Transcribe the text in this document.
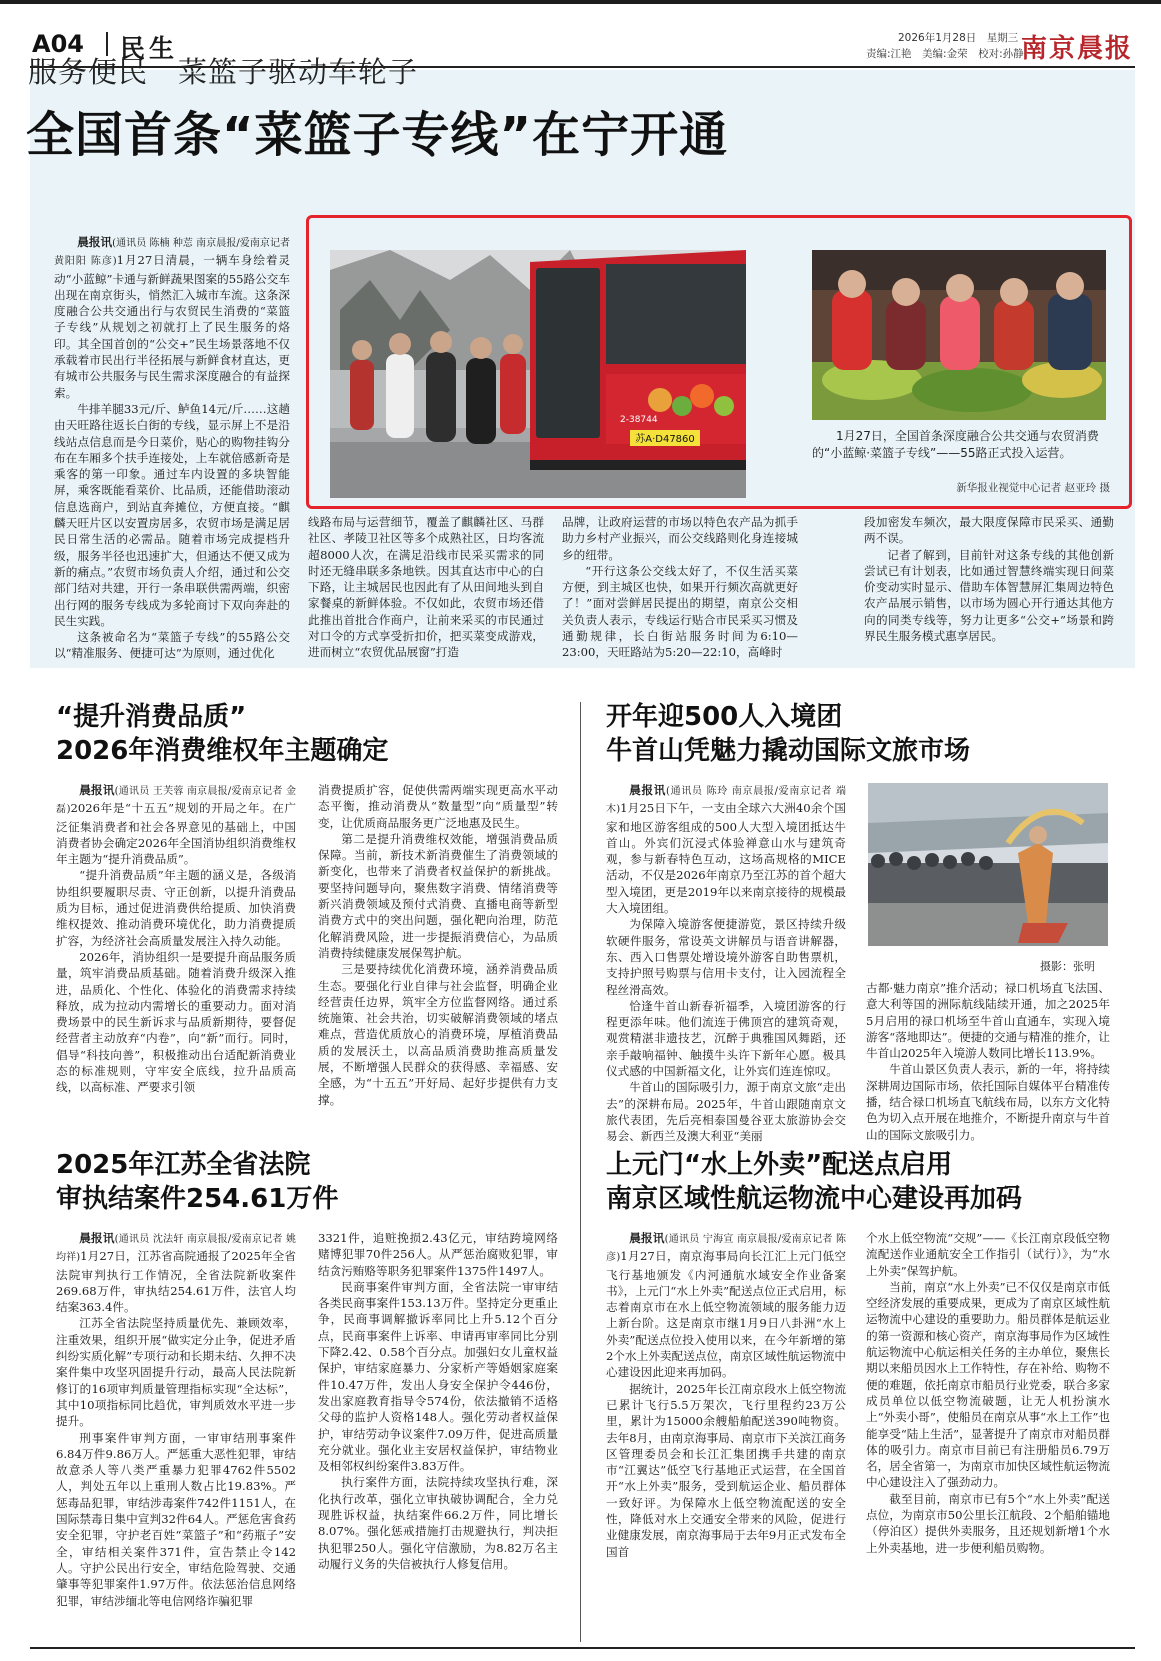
A04 民生	2026年1月28日　星期三
责编:江艳　美编:金荣　校对:孙静
南京晨报
服务便民　菜篮子驱动车轮子
全国首条“菜篮子专线”在宁开通

晨报讯(通讯员 陈楠 种莣 南京晨报/爱南京记者 黄阳阳 陈彦)1月27日清晨，一辆车身绘着灵动“小蓝鲸”卡通与新鲜蔬果图案的55路公交车出现在南京街头，悄然汇入城市车流。这条深度融合公共交通出行与农贸民生消费的“菜篮子专线”从规划之初就打上了民生服务的烙印。其全国首创的“公交+”民生场景落地不仅承载着市民出行半径拓展与新鲜食材直达，更有城市公共服务与民生需求深度融合的有益探索。

牛排羊腿33元/斤、鲈鱼14元/斤……这趟由天旺路往返长白街的专线，显示屏上不是沿线站点信息而是今日菜价，贴心的购物挂钩分布在车厢多个扶手连接处，上车就倍感新奇是乘客的第一印象。通过车内设置的多块智能屏，乘客既能看菜价、比品质，还能借助滚动信息选商户，到站直奔摊位，方便直接。“麒麟天旺片区以安置房居多，农贸市场是满足居民日常生活的必需品。随着市场完成提档升级，服务半径也迅速扩大，但通达不便又成为新的痛点。”农贸市场负责人介绍，通过和公交部门结对共建，开行一条串联供需两端，织密出行网的服务专线成为多轮商讨下双向奔赴的民生实践。

这条被命名为“菜篮子专线”的55路公交以“精准服务、便捷可达”为原则，通过优化

线路布局与运营细节，覆盖了麒麟社区、马群社区、孝陵卫社区等多个成熟社区，日均客流超8000人次，在满足沿线市民采买需求的同时还无缝串联多条地铁。因其直达市中心的白下路，让主城居民也因此有了从田间地头到自家餐桌的新鲜体验。不仅如此，农贸市场还借此推出首批合作商户，让前来采买的市民通过对口令的方式享受折扣价，把买菜变成游戏，进而树立“农贸优品展窗”打造

品牌，让政府运营的市场以特色农产品为抓手助力乡村产业振兴，而公交线路则化身连接城乡的纽带。

“开行这条公交线太好了，不仅生活买菜方便，到主城区也快，如果开行频次高就更好了！”面对尝鲜居民提出的期望，南京公交相关负责人表示，专线运行贴合市民采买习惯及通勤规律，长白街站服务时间为6:10—23:00，天旺路站为5:20—22:10，高峰时

段加密发车频次，最大限度保障市民采买、通勤两不误。

记者了解到，目前针对这条专线的其他创新尝试已有计划表，比如通过智慧终端实现日间菜价变动实时显示、借助车体智慧屏汇集周边特色农产品展示销售，以市场为圆心开行通达其他方向的同类专线等，努力让更多“公交+”场景和跨界民生服务模式惠享居民。

苏A·D47860
2-38744
1月27日，全国首条深度融合公共交通与农贸消费的“小蓝鲸·菜篮子专线”——55路正式投入运营。
新华报业视觉中心记者 赵亚玲 摄
“提升消费品质”
2026年消费维权年主题确定

晨报讯(通讯员 王芙蓉 南京晨报/爱南京记者 金磊)2026年是“十五五”规划的开局之年。在广泛征集消费者和社会各界意见的基础上，中国消费者协会确定2026年全国消协组织消费维权年主题为“提升消费品质”。

“提升消费品质”年主题的涵义是，各级消协组织要履职尽责、守正创新，以提升消费品质为目标，通过促进消费供给提质、加快消费维权提效、推动消费环境优化，助力消费提质扩容，为经济社会高质量发展注入持久动能。

2026年，消协组织一是要提升商品服务质量，筑牢消费品质基础。随着消费升级深入推进，品质化、个性化、体验化的消费需求持续释放，成为拉动内需增长的重要动力。面对消费场景中的民生新诉求与品质新期待，要督促经营者主动放弃“内卷”，向“新”而行。同时，倡导“科技向善”，积极推动出台适配新消费业态的标准规则，守牢安全底线，拉升品质高线，以高标准、严要求引领

消费提质扩容，促使供需两端实现更高水平动态平衡，推动消费从“数量型”向“质量型”转变，让优质商品服务更广泛地惠及民生。

第二是提升消费维权效能，增强消费品质保障。当前，新技术新消费催生了消费领域的新变化，也带来了消费者权益保护的新挑战。要坚持问题导向，聚焦数字消费、情绪消费等新兴消费领域及预付式消费、直播电商等新型消费方式中的突出问题，强化靶向治理，防范化解消费风险，进一步提振消费信心，为品质消费持续健康发展保驾护航。

三是要持续优化消费环境，涵养消费品质生态。要强化行业自律与社会监督，明确企业经营责任边界，筑牢全方位监督网络。通过系统施策、社会共治，切实破解消费领域的堵点难点，营造优质放心的消费环境，厚植消费品质的发展沃土，以高品质消费助推高质量发展，不断增强人民群众的获得感、幸福感、安全感，为“十五五”开好局、起好步提供有力支撑。

2025年江苏全省法院
审执结案件254.61万件

晨报讯(通讯员 沈法轩 南京晨报/爱南京记者 姚均祥)1月27日，江苏省高院通报了2025年全省法院审判执行工作情况，全省法院新收案件269.68万件，审执结254.61万件，法官人均结案363.4件。

江苏全省法院坚持质量优先、兼顾效率，注重效果，组织开展“做实定分止争，促进矛盾纠纷实质化解”专项行动和长期未结、久押不决案件集中攻坚巩固提升行动，最高人民法院新修订的16项审判质量管理指标实现“全达标”，其中10项指标同比趋优，审判质效水平进一步提升。

刑事案件审判方面，一审审结刑事案件6.84万件9.86万人。严惩重大恶性犯罪，审结故意杀人等八类严重暴力犯罪4762件5502人，判处五年以上重刑人数占比19.83%。严惩毒品犯罪，审结涉毒案件742件1151人，在国际禁毒日集中宣判32件64人。严惩危害食药安全犯罪，守护老百姓“菜篮子”和“药瓶子”安全，审结相关案件371件，宣告禁止令142人。守护公民出行安全，审结危险驾驶、交通肇事等犯罪案件1.97万件。依法惩治信息网络犯罪，审结涉缅北等电信网络诈骗犯罪

3321件，追赃挽损2.43亿元，审结跨境网络赌博犯罪70件256人。从严惩治腐败犯罪，审结贪污贿赂等职务犯罪案件1375件1497人。

民商事案件审判方面，全省法院一审审结各类民商事案件153.13万件。坚持定分更重止争，民商事调解撤诉率同比上升5.12个百分点，民商事案件上诉率、申请再审率同比分别下降2.42、0.58个百分点。加强妇女儿童权益保护，审结家庭暴力、分家析产等婚姻家庭案件10.47万件，发出人身安全保护令446份，发出家庭教育指导令574份，依法撤销不适格父母的监护人资格148人。强化劳动者权益保护，审结劳动争议案件7.09万件，促进高质量充分就业。强化业主安居权益保护，审结物业及相邻权纠纷案件3.83万件。

执行案件方面，法院持续攻坚执行难，深化执行改革，强化立审执破协调配合，全力兑现胜诉权益，执结案件66.2万件，同比增长8.07%。强化惩戒措施打击规避执行，判决拒执犯罪250人。强化守信激励，为8.82万名主动履行义务的失信被执行人修复信用。

开年迎500人入境团
牛首山凭魅力撬动国际文旅市场

晨报讯(通讯员 陈玲 南京晨报/爱南京记者 端木)1月25日下午，一支由全球六大洲40余个国家和地区游客组成的500人大型入境团抵达牛首山。外宾们沉浸式体验禅意山水与建筑奇观，参与新春特色互动，这场高规格的MICE活动，不仅是2026年南京乃至江苏的首个超大型入境团，更是2019年以来南京接待的规模最大入境团组。

为保障入境游客便捷游览，景区持续升级软硬件服务，常设英文讲解员与语音讲解器，东、西入口售票处增设境外游客自助售票机，支持护照号购票与信用卡支付，让入园流程全程丝滑高效。

恰逢牛首山新春祈福季，入境团游客的行程更添年味。他们流连于佛顶宫的建筑奇观，观赏精湛非遗技艺，沉醉于典雅国风舞蹈，还亲手敲响福钟、触摸牛头许下新年心愿。极具仪式感的中国新福文化，让外宾们连连惊叹。

牛首山的国际吸引力，源于南京文旅“走出去”的深耕布局。2025年，牛首山跟随南京文旅代表团，先后亮相泰国曼谷亚太旅游协会交易会、新西兰及澳大利亚“美丽

摄影：张明

古都·魅力南京”推介活动；禄口机场直飞法国、意大利等国的洲际航线陆续开通，加之2025年5月启用的禄口机场至牛首山直通车，实现入境游客“落地即达”。便捷的交通与精准的推介，让牛首山2025年入境游人数同比增长113.9%。

牛首山景区负责人表示，新的一年，将持续深耕周边国际市场，依托国际自媒体平台精准传播，结合禄口机场直飞航线布局，以东方文化特色为切入点开展在地推介，不断提升南京与牛首山的国际文旅吸引力。

上元门“水上外卖”配送点启用
南京区域性航运物流中心建设再加码

晨报讯(通讯员 宁海宣 南京晨报/爱南京记者 陈彦)1月27日，南京海事局向长江汇上元门低空飞行基地颁发《内河通航水域安全作业备案书》，上元门“水上外卖”配送点位正式启用，标志着南京市在水上低空物流领域的服务能力迈上新台阶。这是南京市继1月9日八卦洲“水上外卖”配送点位投入使用以来，在今年新增的第2个水上外卖配送点位，南京区域性航运物流中心建设因此迎来再加码。

据统计，2025年长江南京段水上低空物流已累计飞行5.5万架次，飞行里程约23万公里，累计为15000余艘船舶配送390吨物资。去年8月，由南京海事局、南京市下关滨江商务区管理委员会和长江汇集团携手共建的南京市“江翼达”低空飞行基地正式运营，在全国首开“水上外卖”服务，受到航运企业、船员群体一致好评。为保障水上低空物流配送的安全性，降低对水上交通安全带来的风险，促进行业健康发展，南京海事局于去年9月正式发布全国首

个水上低空物流“交规”——《长江南京段低空物流配送作业通航安全工作指引（试行）》，为“水上外卖”保驾护航。

当前，南京“水上外卖”已不仅仅是南京市低空经济发展的重要成果，更成为了南京区域性航运物流中心建设的重要助力。船员群体是航运业的第一资源和核心资产，南京海事局作为区域性航运物流中心航运相关任务的主办单位，聚焦长期以来船员因水上工作特性，存在补给、购物不便的难题，依托南京市船员行业党委，联合多家成员单位以低空物流破题，让无人机扮演水上“外卖小哥”，使船员在南京从事“水上工作”也能享受“陆上生活”，显著提升了南京市对船员群体的吸引力。南京市目前已有注册船员6.79万名，居全省第一，为南京市加快区域性航运物流中心建设注入了强劲动力。

截至目前，南京市已有5个“水上外卖”配送点位，为南京市50公里长江航段、2个船舶锚地（停泊区）提供外卖服务，且还规划新增1个水上外卖基地，进一步便利船员购物。
